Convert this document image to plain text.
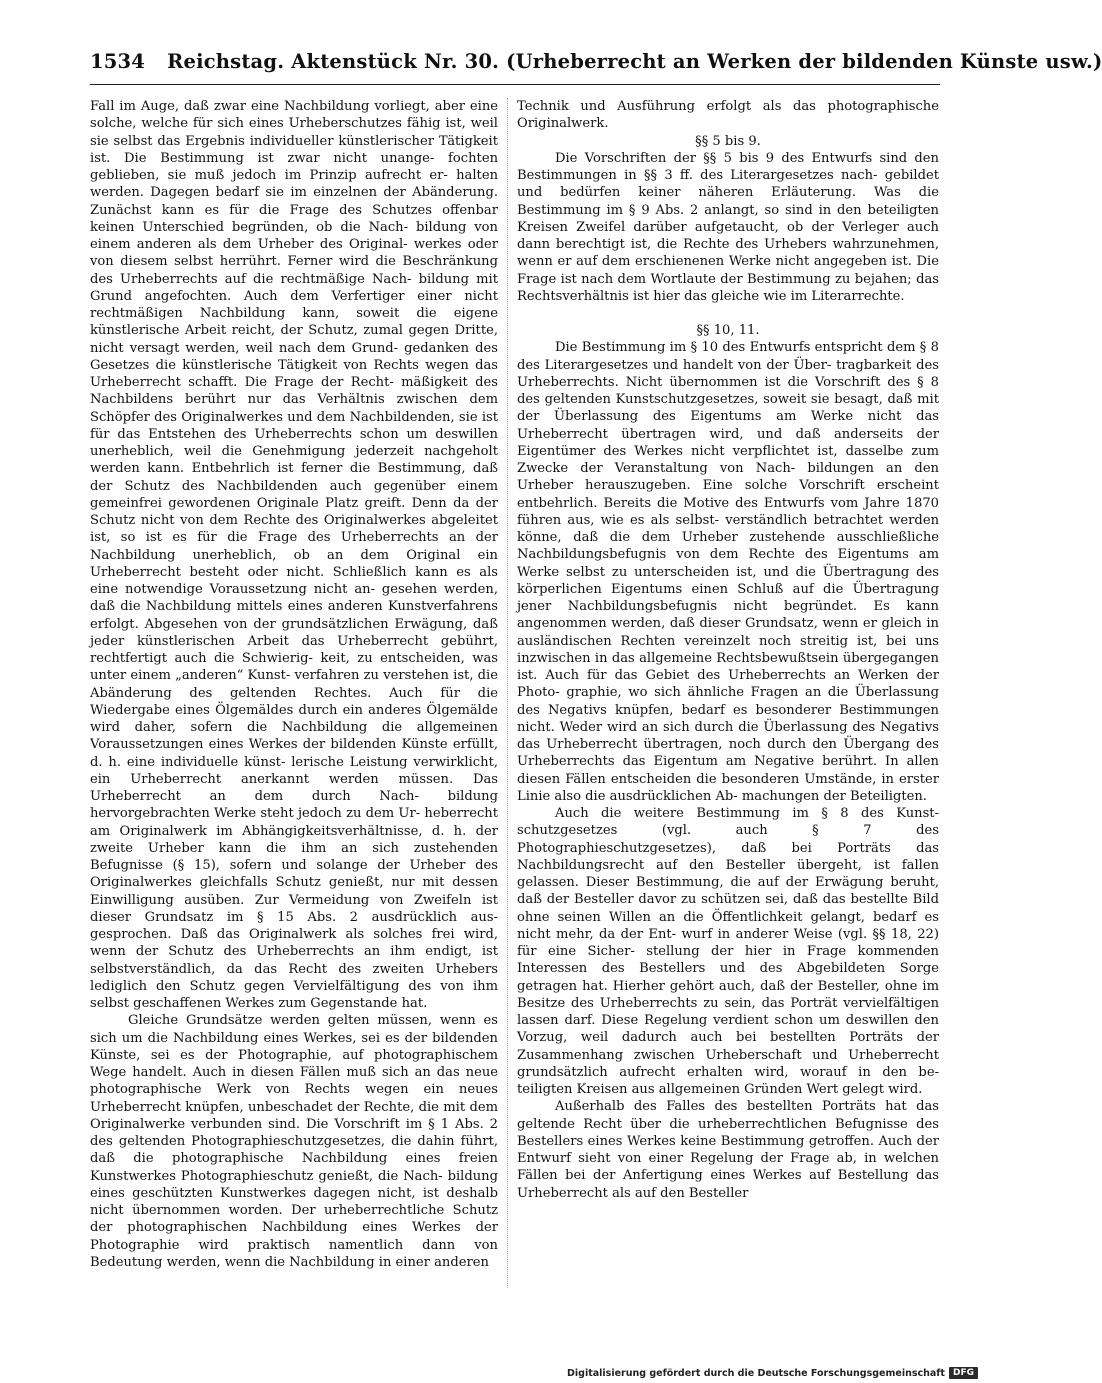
1534 Reichstag. Aktenstück Nr. 30. (Urheberrecht an Werken der bildenden Künste usw.)

Fall im Auge, daß zwar eine Nachbildung vorliegt, aber eine solche, welche für sich eines Urheberschutzes fähig ist, weil sie selbst das Ergebnis individueller künstlerischer Tätigkeit ist. Die Bestimmung ist zwar nicht unange- fochten geblieben, sie muß jedoch im Prinzip aufrecht er- halten werden. Dagegen bedarf sie im einzelnen der Abänderung. Zunächst kann es für die Frage des Schutzes offenbar keinen Unterschied begründen, ob die Nach- bildung von einem anderen als dem Urheber des Original- werkes oder von diesem selbst herrührt. Ferner wird die Beschränkung des Urheberrechts auf die rechtmäßige Nach- bildung mit Grund angefochten. Auch dem Verfertiger einer nicht rechtmäßigen Nachbildung kann, soweit die eigene künstlerische Arbeit reicht, der Schutz, zumal gegen Dritte, nicht versagt werden, weil nach dem Grund- gedanken des Gesetzes die künstlerische Tätigkeit von Rechts wegen das Urheberrecht schafft. Die Frage der Recht- mäßigkeit des Nachbildens berührt nur das Verhältnis zwischen dem Schöpfer des Originalwerkes und dem Nachbildenden, sie ist für das Entstehen des Urheberrechts schon um deswillen unerheblich, weil die Genehmigung jederzeit nachgeholt werden kann. Entbehrlich ist ferner die Bestimmung, daß der Schutz des Nachbildenden auch gegenüber einem gemeinfrei gewordenen Originale Platz greift. Denn da der Schutz nicht von dem Rechte des Originalwerkes abgeleitet ist, so ist es für die Frage des Urheberrechts an der Nachbildung unerheblich, ob an dem Original ein Urheberrecht besteht oder nicht. Schließlich kann es als eine notwendige Voraussetzung nicht an- gesehen werden, daß die Nachbildung mittels eines anderen Kunstverfahrens erfolgt. Abgesehen von der grundsätzlichen Erwägung, daß jeder künstlerischen Arbeit das Urheberrecht gebührt, rechtfertigt auch die Schwierig- keit, zu entscheiden, was unter einem „anderen“ Kunst- verfahren zu verstehen ist, die Abänderung des geltenden Rechtes. Auch für die Wiedergabe eines Ölgemäldes durch ein anderes Ölgemälde wird daher, sofern die Nachbildung die allgemeinen Voraussetzungen eines Werkes der bildenden Künste erfüllt, d. h. eine individuelle künst- lerische Leistung verwirklicht, ein Urheberrecht anerkannt werden müssen. Das Urheberrecht an dem durch Nach- bildung hervorgebrachten Werke steht jedoch zu dem Ur- heberrecht am Originalwerk im Abhängigkeitsverhältnisse, d. h. der zweite Urheber kann die ihm an sich zustehenden Befugnisse (§ 15), sofern und solange der Urheber des Originalwerkes gleichfalls Schutz genießt, nur mit dessen Einwilligung ausüben. Zur Vermeidung von Zweifeln ist dieser Grundsatz im § 15 Abs. 2 ausdrücklich aus- gesprochen. Daß das Originalwerk als solches frei wird, wenn der Schutz des Urheberrechts an ihm endigt, ist selbstverständlich, da das Recht des zweiten Urhebers lediglich den Schutz gegen Vervielfältigung des von ihm selbst geschaffenen Werkes zum Gegenstande hat.

Gleiche Grundsätze werden gelten müssen, wenn es sich um die Nachbildung eines Werkes, sei es der bildenden Künste, sei es der Photographie, auf photographischem Wege handelt. Auch in diesen Fällen muß sich an das neue photographische Werk von Rechts wegen ein neues Urheberrecht knüpfen, unbeschadet der Rechte, die mit dem Originalwerke verbunden sind. Die Vorschrift im § 1 Abs. 2 des geltenden Photographieschutzgesetzes, die dahin führt, daß die photographische Nachbildung eines freien Kunstwerkes Photographieschutz genießt, die Nach- bildung eines geschützten Kunstwerkes dagegen nicht, ist deshalb nicht übernommen worden. Der urheberrechtliche Schutz der photographischen Nachbildung eines Werkes der Photographie wird praktisch namentlich dann von Bedeutung werden, wenn die Nachbildung in einer anderen

Technik und Ausführung erfolgt als das photographische Originalwerk.

§§ 5 bis 9.

Die Vorschriften der §§ 5 bis 9 des Entwurfs sind den Bestimmungen in §§ 3 ff. des Literargesetzes nach- gebildet und bedürfen keiner näheren Erläuterung. Was die Bestimmung im § 9 Abs. 2 anlangt, so sind in den beteiligten Kreisen Zweifel darüber aufgetaucht, ob der Verleger auch dann berechtigt ist, die Rechte des Urhebers wahrzunehmen, wenn er auf dem erschienenen Werke nicht angegeben ist. Die Frage ist nach dem Wortlaute der Bestimmung zu bejahen; das Rechtsverhältnis ist hier das gleiche wie im Literarrechte.

§§ 10, 11.

Die Bestimmung im § 10 des Entwurfs entspricht dem § 8 des Literargesetzes und handelt von der Über- tragbarkeit des Urheberrechts. Nicht übernommen ist die Vorschrift des § 8 des geltenden Kunstschutzgesetzes, soweit sie besagt, daß mit der Überlassung des Eigentums am Werke nicht das Urheberrecht übertragen wird, und daß anderseits der Eigentümer des Werkes nicht verpflichtet ist, dasselbe zum Zwecke der Veranstaltung von Nach- bildungen an den Urheber herauszugeben. Eine solche Vorschrift erscheint entbehrlich. Bereits die Motive des Entwurfs vom Jahre 1870 führen aus, wie es als selbst- verständlich betrachtet werden könne, daß die dem Urheber zustehende ausschließliche Nachbildungsbefugnis von dem Rechte des Eigentums am Werke selbst zu unterscheiden ist, und die Übertragung des körperlichen Eigentums einen Schluß auf die Übertragung jener Nachbildungsbefugnis nicht begründet. Es kann angenommen werden, daß dieser Grundsatz, wenn er gleich in ausländischen Rechten vereinzelt noch streitig ist, bei uns inzwischen in das allgemeine Rechtsbewußtsein übergegangen ist. Auch für das Gebiet des Urheberrechts an Werken der Photo- graphie, wo sich ähnliche Fragen an die Überlassung des Negativs knüpfen, bedarf es besonderer Bestimmungen nicht. Weder wird an sich durch die Überlassung des Negativs das Urheberrecht übertragen, noch durch den Übergang des Urheberrechts das Eigentum am Negative berührt. In allen diesen Fällen entscheiden die besonderen Umstände, in erster Linie also die ausdrücklichen Ab- machungen der Beteiligten.

Auch die weitere Bestimmung im § 8 des Kunst- schutzgesetzes (vgl. auch § 7 des Photographieschutzgesetzes), daß bei Porträts das Nachbildungsrecht auf den Besteller übergeht, ist fallen gelassen. Dieser Bestimmung, die auf der Erwägung beruht, daß der Besteller davor zu schützen sei, daß das bestellte Bild ohne seinen Willen an die Öffentlichkeit gelangt, bedarf es nicht mehr, da der Ent- wurf in anderer Weise (vgl. §§ 18, 22) für eine Sicher- stellung der hier in Frage kommenden Interessen des Bestellers und des Abgebildeten Sorge getragen hat. Hierher gehört auch, daß der Besteller, ohne im Besitze des Urheberrechts zu sein, das Porträt vervielfältigen lassen darf. Diese Regelung verdient schon um deswillen den Vorzug, weil dadurch auch bei bestellten Porträts der Zusammenhang zwischen Urheberschaft und Urheberrecht grundsätzlich aufrecht erhalten wird, worauf in den be- teiligten Kreisen aus allgemeinen Gründen Wert gelegt wird.

Außerhalb des Falles des bestellten Porträts hat das geltende Recht über die urheberrechtlichen Befugnisse des Bestellers eines Werkes keine Bestimmung getroffen. Auch der Entwurf sieht von einer Regelung der Frage ab, in welchen Fällen bei der Anfertigung eines Werkes auf Bestellung das Urheberrecht als auf den Besteller

Digitalisierung gefördert durch die Deutsche Forschungsgemeinschaft DFG
